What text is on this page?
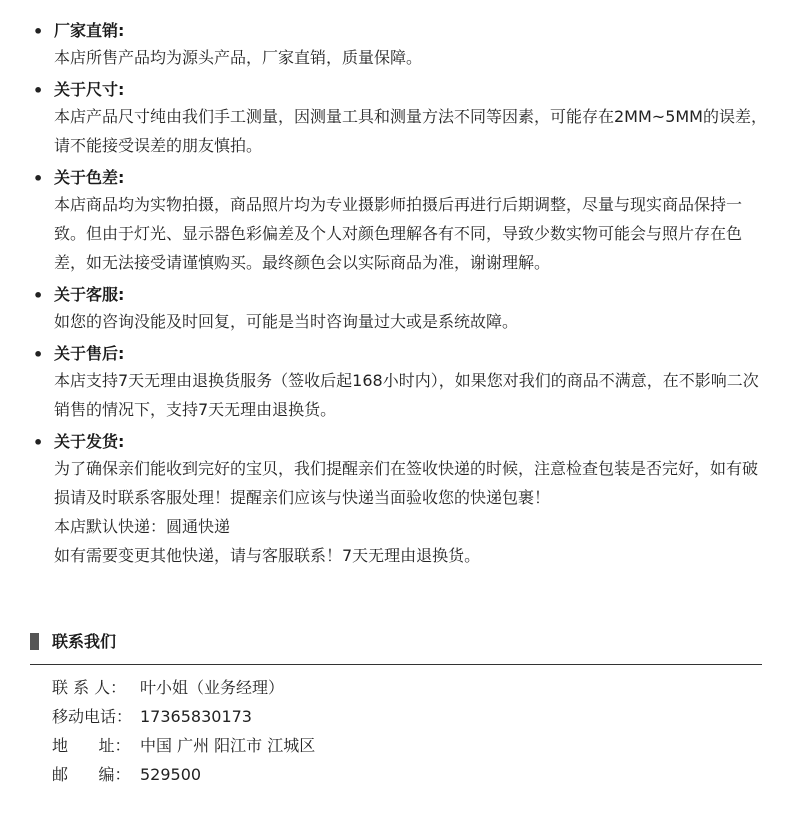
• 厂家直销:
本店所售产品均为源头产品，厂家直销，质量保障。
• 关于尺寸:
本店产品尺寸纯由我们手工测量，因测量工具和测量方法不同等因素，可能存在2MM~5MM的误差，请不能接受误差的朋友慎拍。
• 关于色差:
本店商品均为实物拍摄，商品照片均为专业摄影师拍摄后再进行后期调整，尽量与现实商品保持一致。但由于灯光、显示器色彩偏差及个人对颜色理解各有不同，导致少数实物可能会与照片存在色差，如无法接受请谨慎购买。最终颜色会以实际商品为准，谢谢理解。
• 关于客服:
如您的咨询没能及时回复，可能是当时咨询量过大或是系统故障。
• 关于售后:
本店支持7天无理由退换货服务（签收后起168小时内），如果您对我们的商品不满意，在不影响二次销售的情况下，支持7天无理由退换货。
• 关于发货:
为了确保亲们能收到完好的宝贝，我们提醒亲们在签收快递的时候，注意检查包装是否完好，如有破损请及时联系客服处理！提醒亲们应该与快递当面验收您的快递包裹！
本店默认快递：圆通快递
如有需要变更其他快递，请与客服联系！7天无理由退换货。
联系我们
联 系 人： 叶小姐（业务经理）
移动电话： 17365830173
地      址： 中国 广州 阳江市 江城区
邮      编： 529500
